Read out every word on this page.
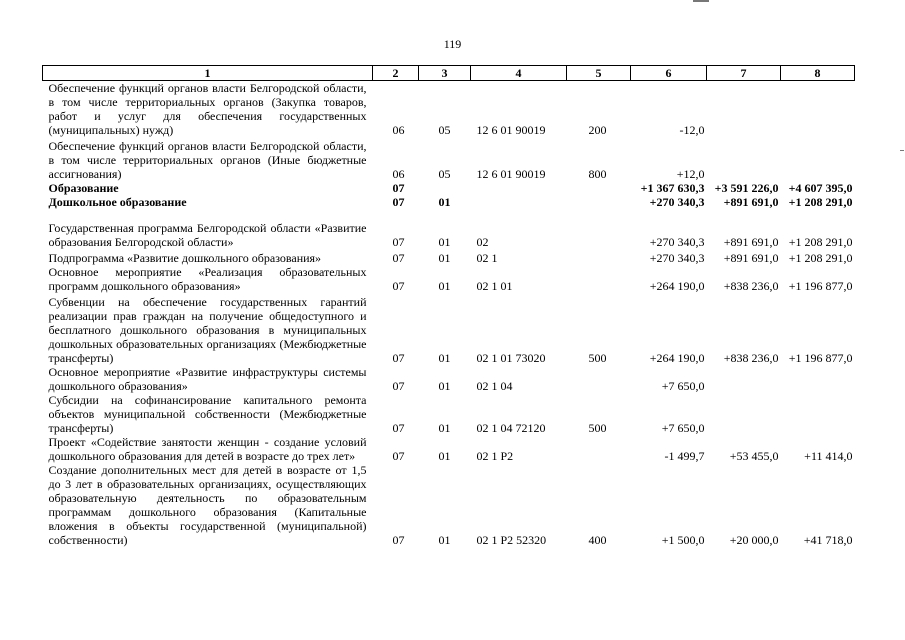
119
1	2	3	4	5	6	7	8
Обеспечение функций органов власти Белгородской области, в том числе территориальных органов (Закупка товаров, работ и услуг для обеспечения государственных (муниципальных) нужд)	06	05	12 6 01 90019	200	-12,0		
Обеспечение функций органов власти Белгородской области, в том числе территориальных органов (Иные бюджетные ассигнования)	06	05	12 6 01 90019	800	+12,0		
Образование	07				+1 367 630,3	+3 591 226,0	+4 607 395,0
Дошкольное образование	07	01			+270 340,3	+891 691,0	+1 208 291,0
Государственная программа Белгородской области «Развитие образования Белгородской области»	07	01	02		+270 340,3	+891 691,0	+1 208 291,0
Подпрограмма «Развитие дошкольного образования»	07	01	02 1		+270 340,3	+891 691,0	+1 208 291,0
Основное мероприятие «Реализация образовательных программ дошкольного образования»	07	01	02 1 01		+264 190,0	+838 236,0	+1 196 877,0
Субвенции на обеспечение государственных гарантий реализации прав граждан на получение общедоступного и бесплатного дошкольного образования в муниципальных дошкольных образовательных организациях (Межбюджетные трансферты)	07	01	02 1 01 73020	500	+264 190,0	+838 236,0	+1 196 877,0
Основное мероприятие «Развитие инфраструктуры системы дошкольного образования»	07	01	02 1 04		+7 650,0		
Субсидии на софинансирование капитального ремонта объектов муниципальной собственности (Межбюджетные трансферты)	07	01	02 1 04 72120	500	+7 650,0		
Проект «Содействие занятости женщин - создание условий дошкольного образования для детей в возрасте до трех лет»	07	01	02 1 P2		-1 499,7	+53 455,0	+11 414,0
Создание дополнительных мест для детей в возрасте от 1,5 до 3 лет в образовательных организациях, осуществляющих образовательную деятельность по образовательным программам дошкольного образования (Капитальные вложения в объекты государственной (муниципальной) собственности)	07	01	02 1 P2 52320	400	+1 500,0	+20 000,0	+41 718,0
